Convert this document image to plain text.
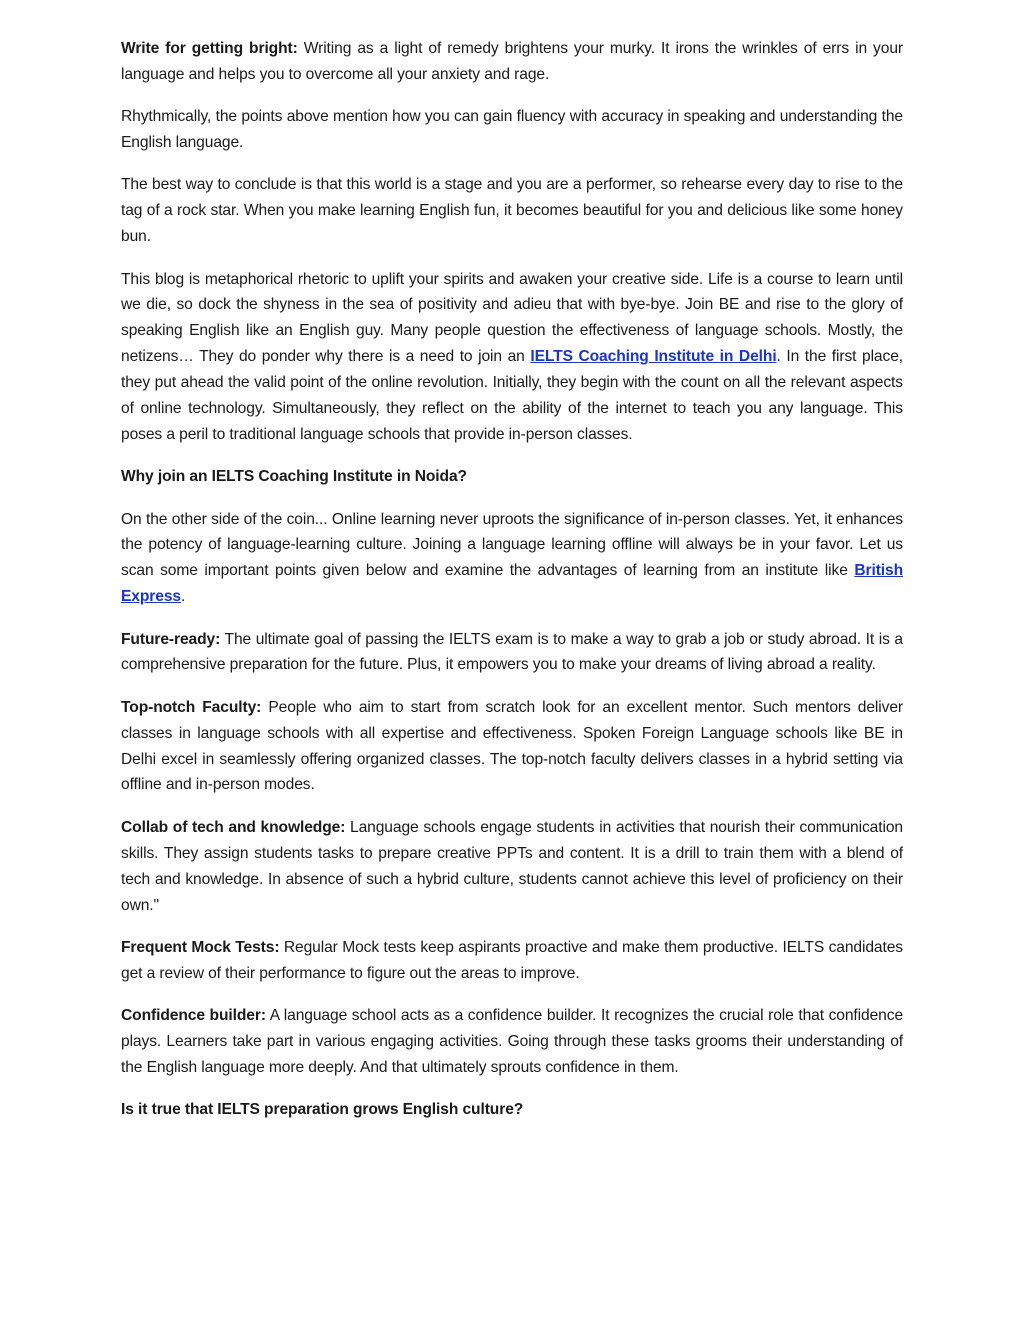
Write for getting bright: Writing as a light of remedy brightens your murky. It irons the wrinkles of errs in your language and helps you to overcome all your anxiety and rage.

Rhythmically, the points above mention how you can gain fluency with accuracy in speaking and understanding the English language.

The best way to conclude is that this world is a stage and you are a performer, so rehearse every day to rise to the tag of a rock star. When you make learning English fun, it becomes beautiful for you and delicious like some honey bun.

This blog is metaphorical rhetoric to uplift your spirits and awaken your creative side. Life is a course to learn until we die, so dock the shyness in the sea of positivity and adieu that with bye-bye. Join BE and rise to the glory of speaking English like an English guy. Many people question the effectiveness of language schools. Mostly, the netizens… They do ponder why there is a need to join an IELTS Coaching Institute in Delhi. In the first place, they put ahead the valid point of the online revolution. Initially, they begin with the count on all the relevant aspects of online technology. Simultaneously, they reflect on the ability of the internet to teach you any language. This poses a peril to traditional language schools that provide in-person classes.

Why join an IELTS Coaching Institute in Noida?

On the other side of the coin... Online learning never uproots the significance of in-person classes. Yet, it enhances the potency of language-learning culture. Joining a language learning offline will always be in your favor. Let us scan some important points given below and examine the advantages of learning from an institute like British Express.

Future-ready: The ultimate goal of passing the IELTS exam is to make a way to grab a job or study abroad. It is a comprehensive preparation for the future. Plus, it empowers you to make your dreams of living abroad a reality.

Top-notch Faculty: People who aim to start from scratch look for an excellent mentor. Such mentors deliver classes in language schools with all expertise and effectiveness. Spoken Foreign Language schools like BE in Delhi excel in seamlessly offering organized classes. The top-notch faculty delivers classes in a hybrid setting via offline and in-person modes.

Collab of tech and knowledge: Language schools engage students in activities that nourish their communication skills. They assign students tasks to prepare creative PPTs and content. It is a drill to train them with a blend of tech and knowledge. In absence of such a hybrid culture, students cannot achieve this level of proficiency on their own."

Frequent Mock Tests: Regular Mock tests keep aspirants proactive and make them productive. IELTS candidates get a review of their performance to figure out the areas to improve.

Confidence builder: A language school acts as a confidence builder. It recognizes the crucial role that confidence plays. Learners take part in various engaging activities. Going through these tasks grooms their understanding of the English language more deeply. And that ultimately sprouts confidence in them.

Is it true that IELTS preparation grows English culture?
